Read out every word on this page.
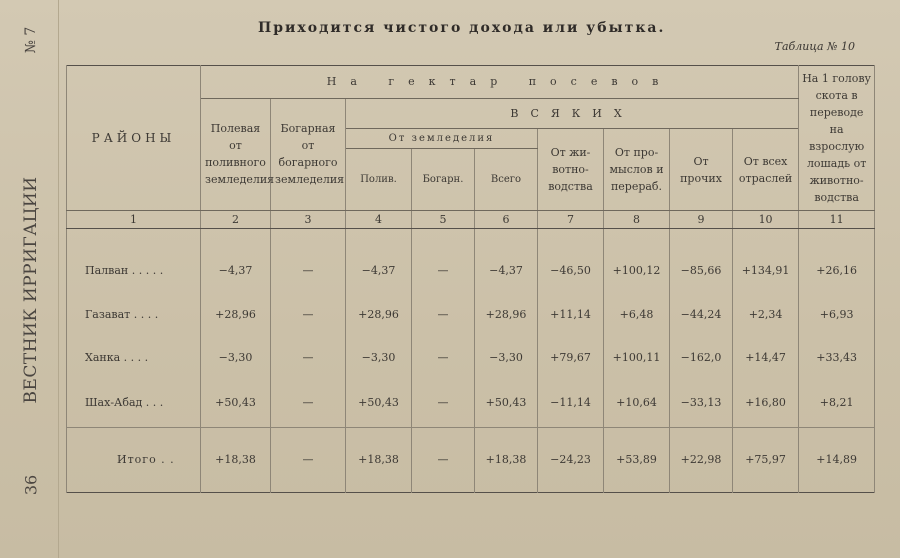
№ 7
ВЕСТНИК ИРРИГАЦИИ
36
Приходится чистого дохода или убытка.
Таблица № 10
РАЙОНЫ	На гектар посевов									На 1 голову скота в переводе на взрослую лошадь от животно- водства
	Полевая от поливного земледелия	Богарная от богарного земледелия	ВСЯКИХ							
			От земледелия			От жи- вотно- водства	От про- мыслов и перераб.	От прочих	От всех отраслей	
			Полив.	Богарн.	Всего					
1	2	3	4	5	6	7	8	9	10	11

Палван . . . . .	−4,37	—	−4,37	—	−4,37	−46,50	+100,12	−85,66	+134,91	+26,16
Газават . . . .	+28,96	—	+28,96	—	+28,96	+11,14	+6,48	−44,24	+2,34	+6,93
Ханка . . . .	−3,30	—	−3,30	—	−3,30	+79,67	+100,11	−162,0	+14,47	+33,43
Шах-Абад . . .	+50,43	—	+50,43	—	+50,43	−11,14	+10,64	−33,13	+16,80	+8,21
Итого . .	+18,38	—	+18,38	—	+18,38	−24,23	+53,89	+22,98	+75,97	+14,89
